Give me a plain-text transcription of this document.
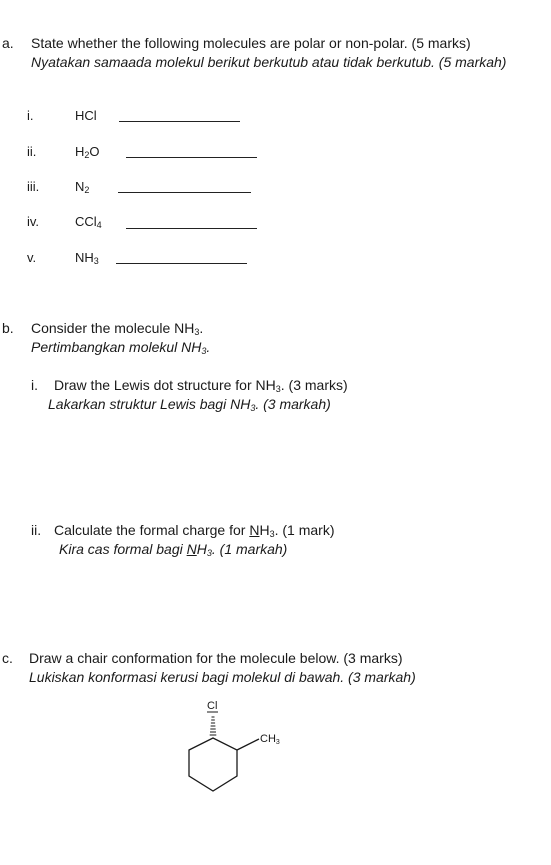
a. State whether the following molecules are polar or non-polar. (5 marks)
Nyatakan samaada molekul berikut berkutub atau tidak berkutub. (5 markah)
i.	HCl
ii.	$H_2O$
iii.	$N_2$
iv.	CCl$_4$
v.	$NH_3$
b. Consider the molecule $NH_3$.
Pertimbangkan molekul $NH_3$.
i. Draw the Lewis dot structure for $NH_3$. (3 marks)
Lakarkan struktur Lewis bagi $NH_3$. (3 markah)
ii. Calculate the formal charge for $NH_3$. (1 mark)
Kira cas formal bagi $NH_3$. (1 markah)
c. Draw a chair conformation for the molecule below. (3 marks)
Lukiskan konformasi kerusi bagi molekul di bawah. (3 markah)
Cl
CH3
